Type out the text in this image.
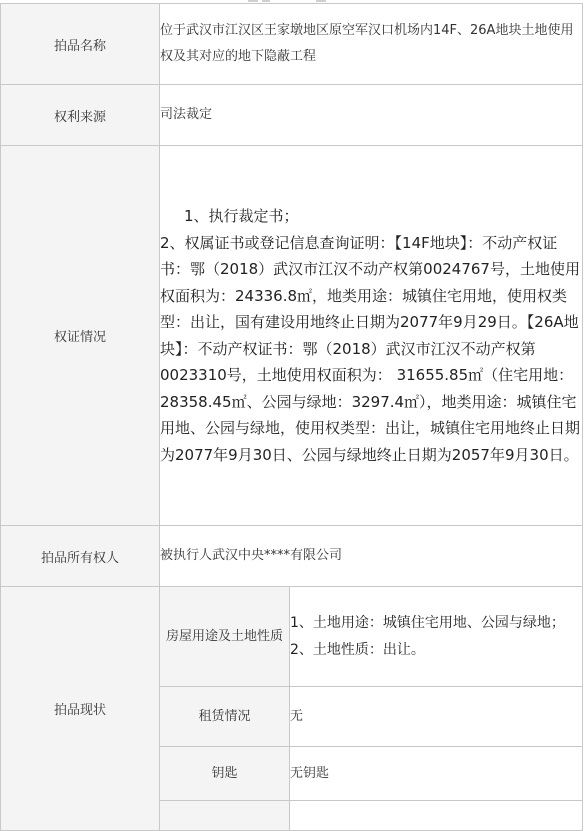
拍品名称	位于武汉市江汉区王家墩地区原空军汉口机场内14F、26A地块土地使用权及其对应的地下隐蔽工程	
权利来源	司法裁定	
权证情况	1、执行裁定书；

2、权属证书或登记信息查询证明：【14F地块】：不动产权证书：鄂（2018）武汉市江汉不动产权第0024767号，土地使用权面积为：24336.8㎡，地类用途：城镇住宅用地，使用权类型：出让，国有建设用地终止日期为2077年9月29日。【26A地块】：不动产权证书：鄂（2018）武汉市江汉不动产权第0023310号，土地使用权面积为： 31655.85㎡（住宅用地：28358.45㎡、公园与绿地：3297.4㎡），地类用途：城镇住宅用地、公园与绿地，使用权类型：出让，城镇住宅用地终止日期为2077年9月30日、公园与绿地终止日期为2057年9月30日。	

拍品所有权人	被执行人武汉中央****有限公司	
拍品现状	房屋用途及土地性质	1、土地用途：城镇住宅用地、公园与绿地；

2、土地性质：出让。

	租赁情况	无
	钥匙	无钥匙
